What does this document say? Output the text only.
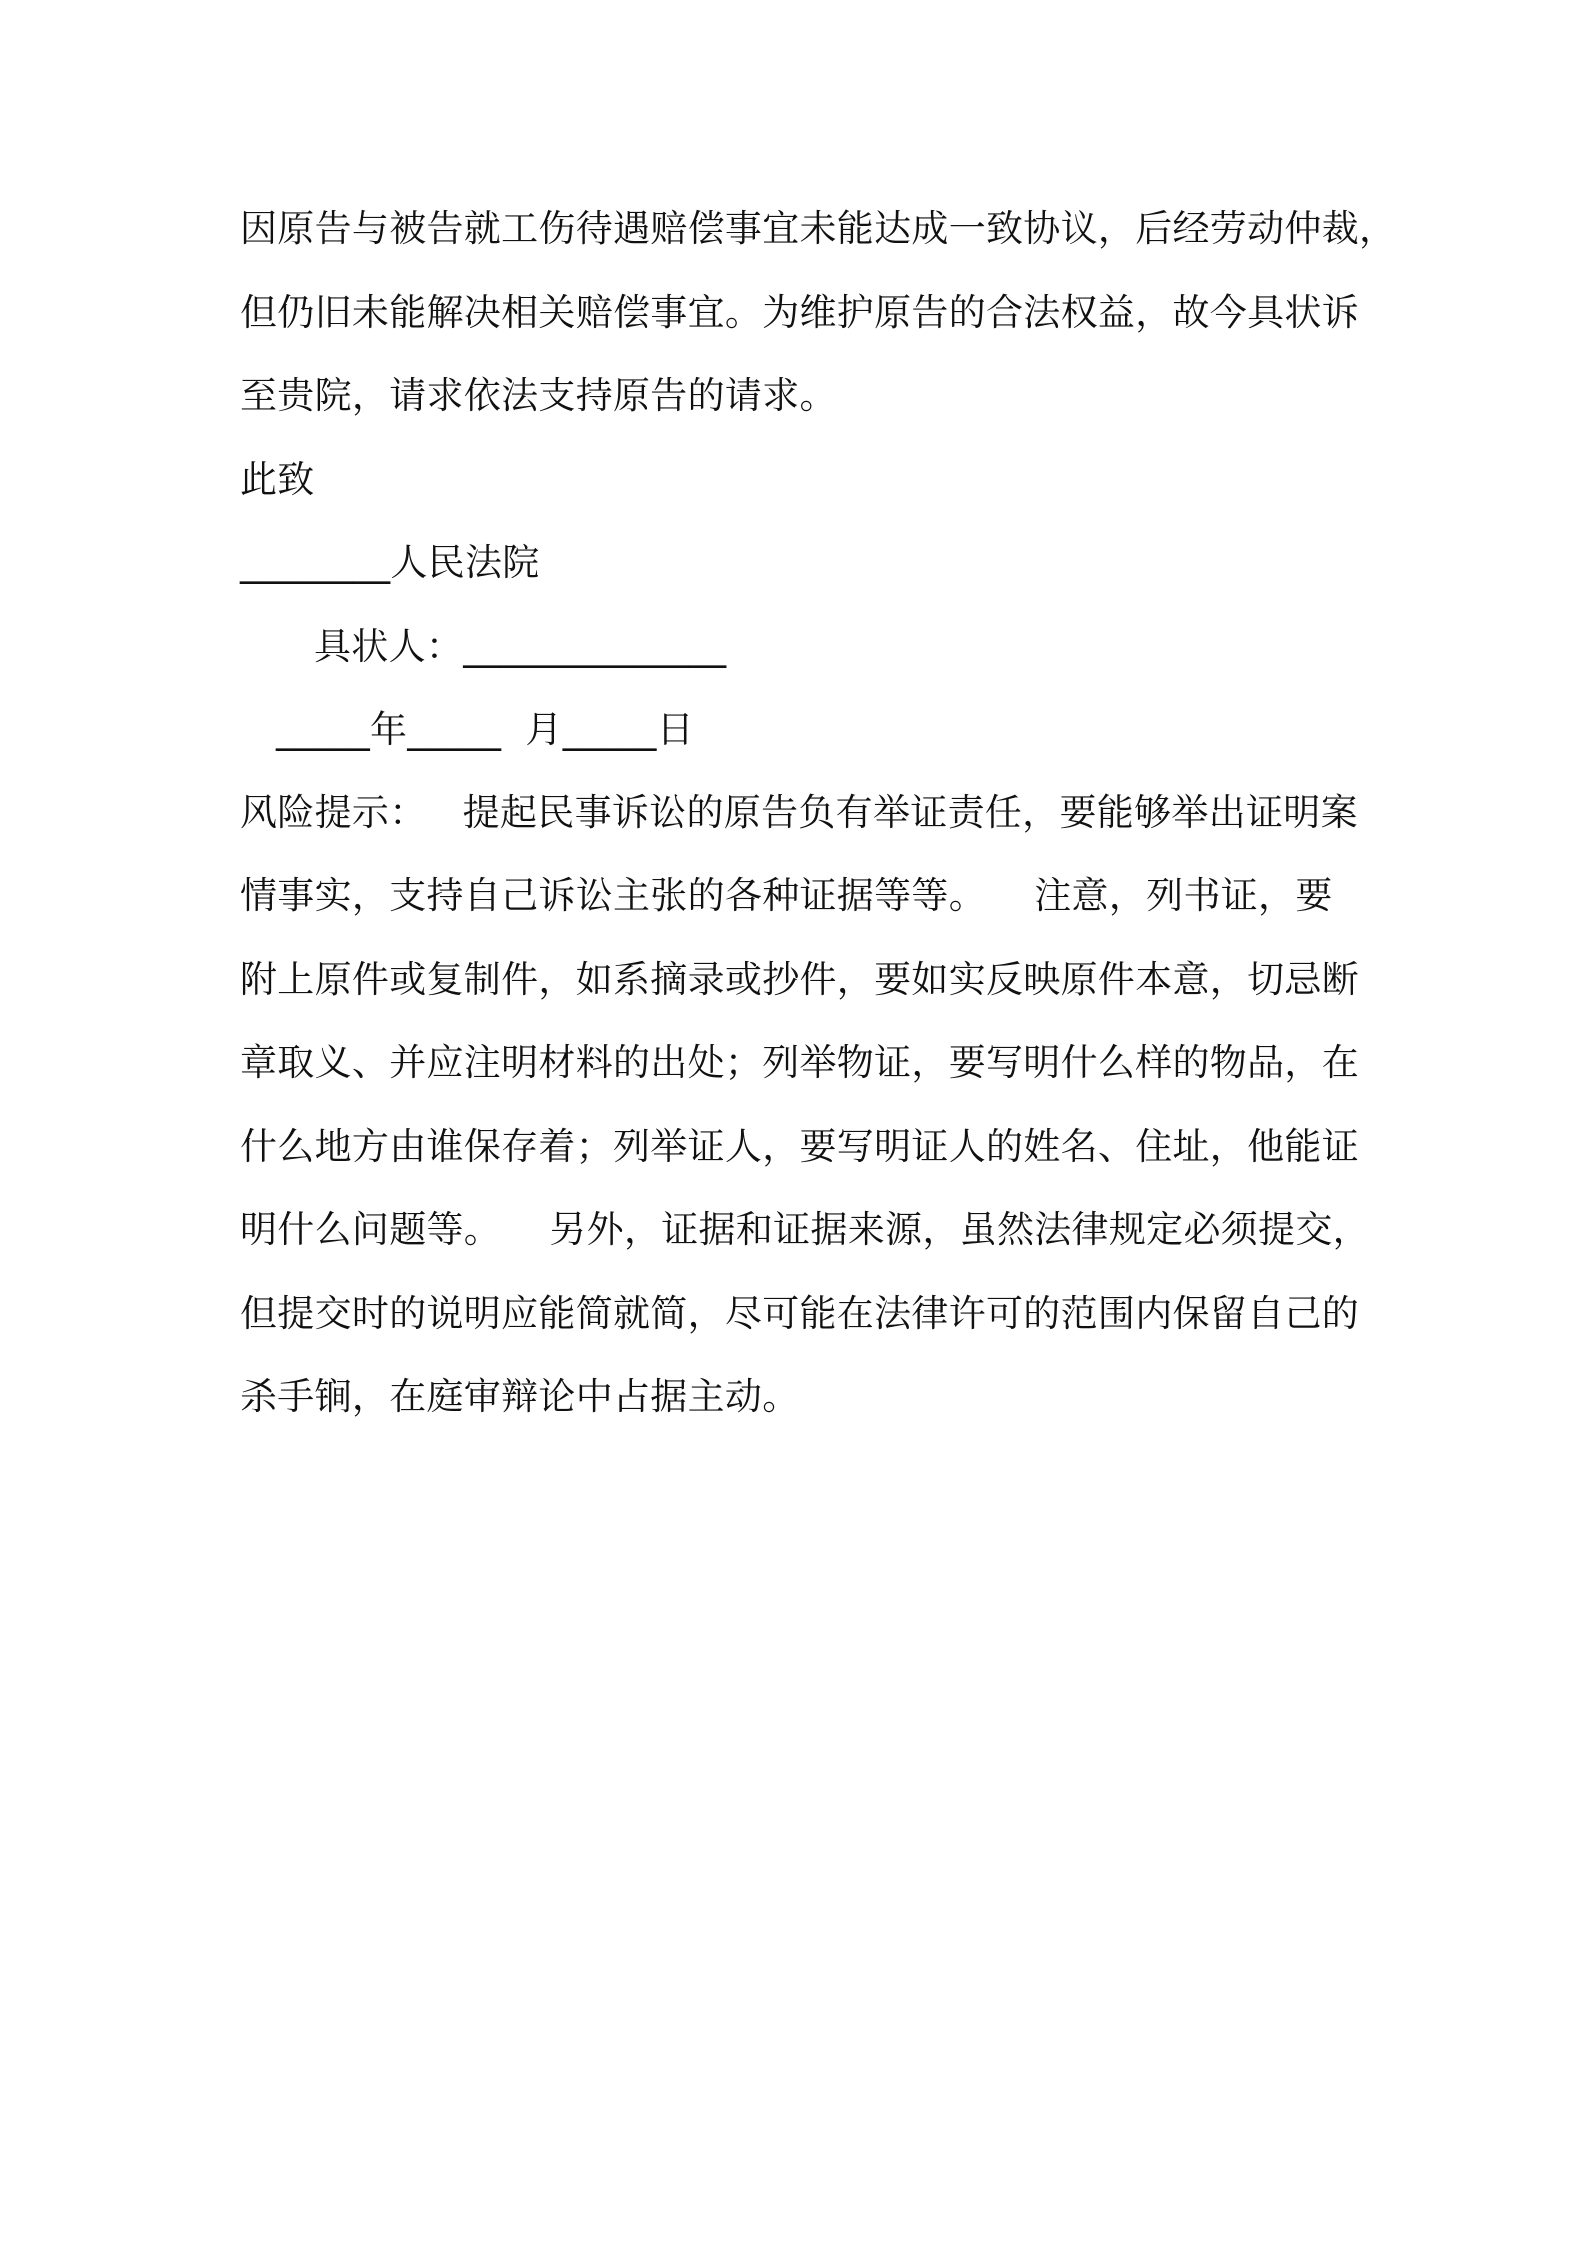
因原告与被告就工伤待遇赔偿事宜未能达成一致协议，后经劳动仲裁，
但仍旧未能解决相关赔偿事宜。为维护原告的合法权益，故今具状诉
至贵院，请求依法支持原告的请求。
此致
________人民法院
具状人：______________
_____年_____  月_____日
风险提示：   提起民事诉讼的原告负有举证责任，要能够举出证明案
情事实，支持自己诉讼主张的各种证据等等。    注意，列书证，要
附上原件或复制件，如系摘录或抄件，要如实反映原件本意，切忌断
章取义、并应注明材料的出处；列举物证，要写明什么样的物品，在
什么地方由谁保存着；列举证人，要写明证人的姓名、住址，他能证
明什么问题等。    另外，证据和证据来源，虽然法律规定必须提交，
但提交时的说明应能简就简，尽可能在法律许可的范围内保留自己的
杀手锏，在庭审辩论中占据主动。
